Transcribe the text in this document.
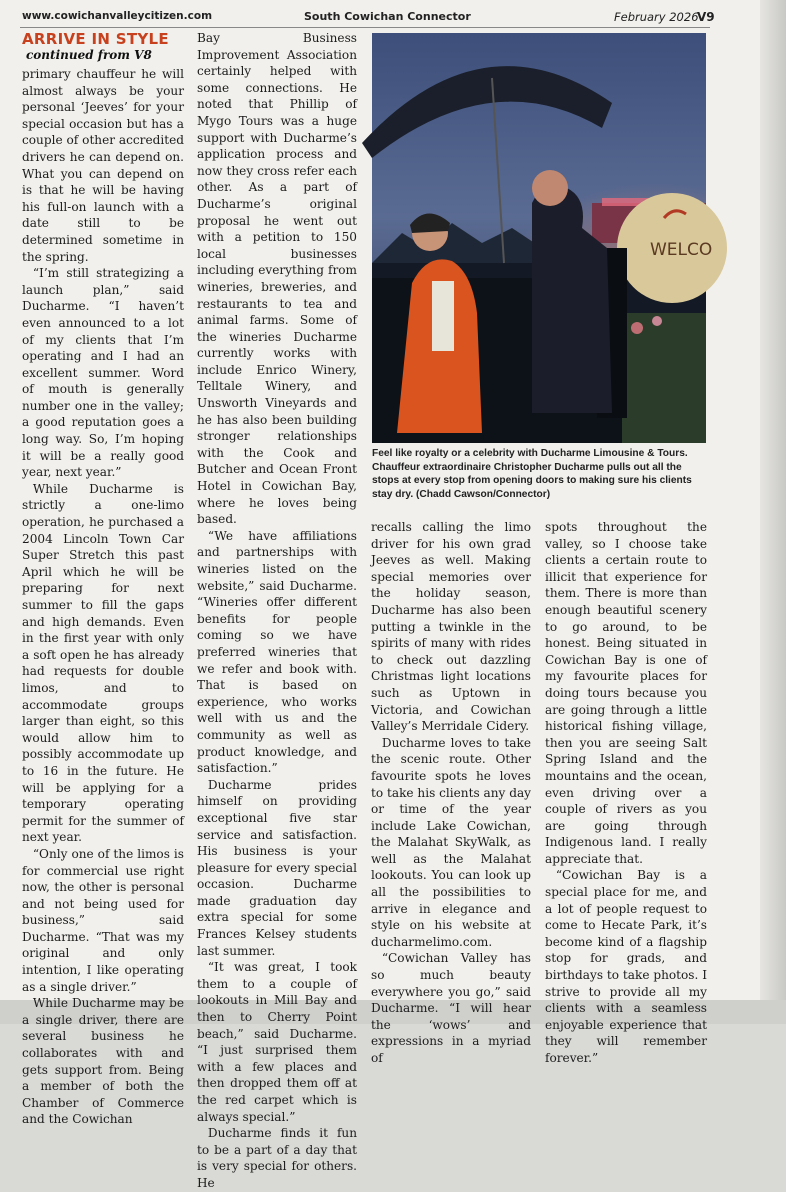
www.cowichanvalleycitizen.com	South Cowichan Connector	February 2026
V9
ARRIVE IN STYLE
continued from V8

primary chauffeur he will almost always be your personal ‘Jeeves’ for your special occasion but has a couple of other accredited drivers he can depend on. What you can depend on is that he will be having his full-on launch with a date still to be determined sometime in the spring.

“I’m still strategizing a launch plan,” said Ducharme. “I haven’t even announced to a lot of my clients that I’m operating and I had an excellent summer. Word of mouth is generally number one in the valley; a good reputation goes a long way. So, I’m hoping it will be a really good year, next year.”

While Ducharme is strictly a one-limo operation, he purchased a 2004 Lincoln Town Car Super Stretch this past April which he will be preparing for next summer to fill the gaps and high demands. Even in the first year with only a soft open he has already had requests for double limos, and to accommodate groups larger than eight, so this would allow him to possibly accommodate up to 16 in the future. He will be applying for a temporary operating permit for the summer of next year.

“Only one of the limos is for commercial use right now, the other is personal and not being used for business,” said Ducharme. “That was my original and only intention, I like operating as a single driver.”

While Ducharme may be a single driver, there are several business he collaborates with and gets support from. Being a member of both the Chamber of Commerce and the Cowichan

Bay Business Improvement Association certainly helped with some connections. He noted that Phillip of Mygo Tours was a huge support with Ducharme’s application process and now they cross refer each other. As a part of Ducharme’s original proposal he went out with a petition to 150 local businesses including everything from wineries, breweries, and restaurants to tea and animal farms. Some of the wineries Ducharme currently works with include Enrico Winery, Telltale Winery, and Unsworth Vineyards and he has also been building stronger relationships with the Cook and Butcher and Ocean Front Hotel in Cowichan Bay, where he loves being based.

“We have affiliations and partnerships with wineries listed on the website,” said Ducharme. “Wineries offer different benefits for people coming so we have preferred wineries that we refer and book with. That is based on experience, who works well with us and the community as well as product knowledge, and satisfaction.”

Ducharme prides himself on providing exceptional five star service and satisfaction. His business is your pleasure for every special occasion. Ducharme made graduation day extra special for some Frances Kelsey students last summer.

“It was great, I took them to a couple of lookouts in Mill Bay and then to Cherry Point beach,” said Ducharme. “I just surprised them with a few places and then dropped them off at the red carpet which is always special.”

Ducharme finds it fun to be a part of a day that is very special for others. He

WELCO
Feel like royalty or a celebrity with Ducharme Limousine & Tours. Chauffeur extraordinaire Christopher Ducharme pulls out all the stops at every stop from opening doors to making sure his clients stay dry. (Chadd Cawson/Connector)

recalls calling the limo driver for his own grad Jeeves as well. Making special memories over the holiday season, Ducharme has also been putting a twinkle in the spirits of many with rides to check out dazzling Christmas light locations such as Uptown in Victoria, and Cowichan Valley’s Merridale Cidery.

Ducharme loves to take the scenic route. Other favourite spots he loves to take his clients any day or time of the year include Lake Cowichan, the Malahat SkyWalk, as well as the Malahat lookouts. You can look up all the possibilities to arrive in elegance and style on his website at ducharmelimo.com.

“Cowichan Valley has so much beauty everywhere you go,” said Ducharme. “I will hear the ‘wows’ and expressions in a myriad of

spots throughout the valley, so I choose take clients a certain route to illicit that experience for them. There is more than enough beautiful scenery to go around, to be honest. Being situated in Cowichan Bay is one of my favourite places for doing tours because you are going through a little historical fishing village, then you are seeing Salt Spring Island and the mountains and the ocean, even driving over a couple of rivers as you are going through Indigenous land. I really appreciate that.

“Cowichan Bay is a special place for me, and a lot of people request to come to Hecate Park, it’s become kind of a flagship stop for grads, and birthdays to take photos. I strive to provide all my clients with a seamless enjoyable experience that they will remember forever.”
